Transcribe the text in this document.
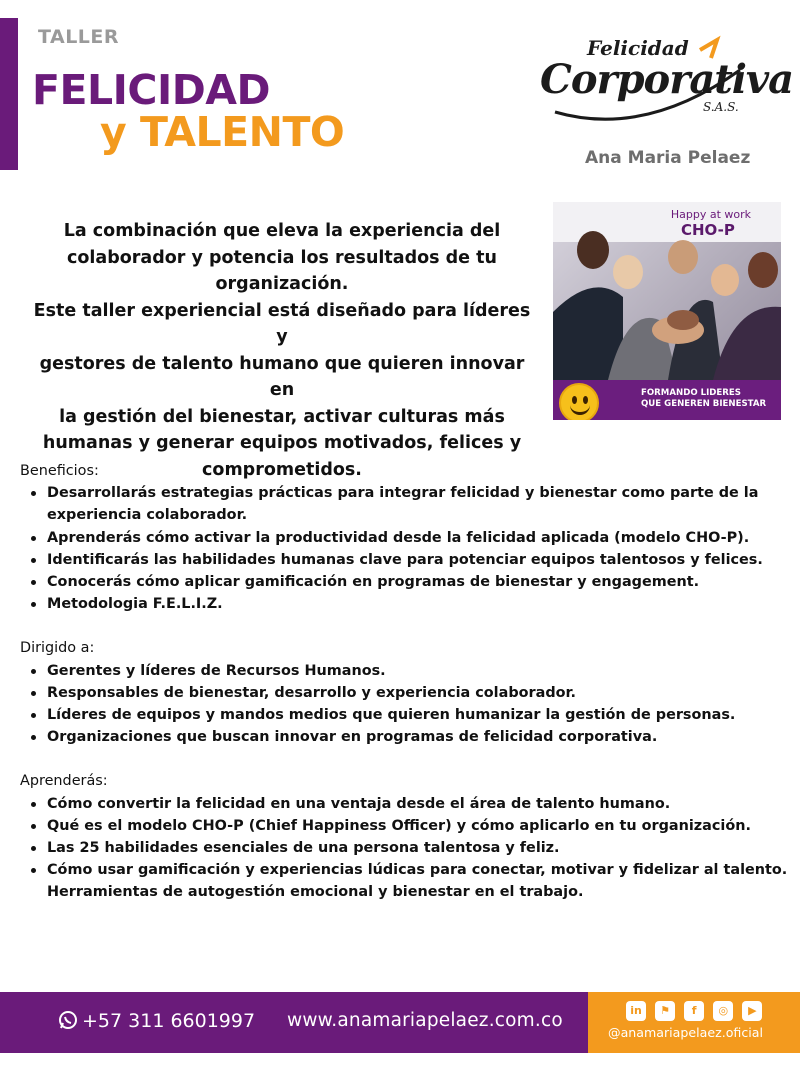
TALLER
FELICIDAD
y TALENTO
Felicidad
Corporativa
S.A.S.
Ana Maria Pelaez
La combinación que eleva la experiencia del
colaborador y potencia los resultados de tu
organización.
Este taller experiencial está diseñado para líderes y
gestores de talento humano que quieren innovar en
la gestión del bienestar, activar culturas más
humanas y generar equipos motivados, felices y
comprometidos.
Happy at work
CHO-P
FORMANDO LIDERES
QUE GENEREN BIENESTAR
Beneficios:
Desarrollarás estrategias prácticas para integrar felicidad y bienestar como parte de la experiencia colaborador.
Aprenderás cómo activar la productividad desde la felicidad aplicada (modelo CHO-P).
Identificarás las habilidades humanas clave para potenciar equipos talentosos y felices.
Conocerás cómo aplicar gamificación en programas de bienestar y engagement.
Metodologia F.E.L.I.Z.
Dirigido a:
Gerentes y líderes de Recursos Humanos.
Responsables de bienestar, desarrollo y experiencia colaborador.
Líderes de equipos y mandos medios que quieren humanizar la gestión de personas.
Organizaciones que buscan innovar en programas de felicidad corporativa.
Aprenderás:
Cómo convertir la felicidad en una ventaja desde el área de talento humano.
Qué es el modelo CHO-P (Chief Happiness Officer) y cómo aplicarlo en tu organización.
Las 25 habilidades esenciales de una persona talentosa y feliz.
Cómo usar gamificación y experiencias lúdicas para conectar, motivar y fidelizar al talento. Herramientas de autogestión emocional y bienestar en el trabajo.
+57 311 6601997 www.anamariapelaez.com.co	in
	⚑
	f
	◎
	▶
@anamariapelaez.oficial
